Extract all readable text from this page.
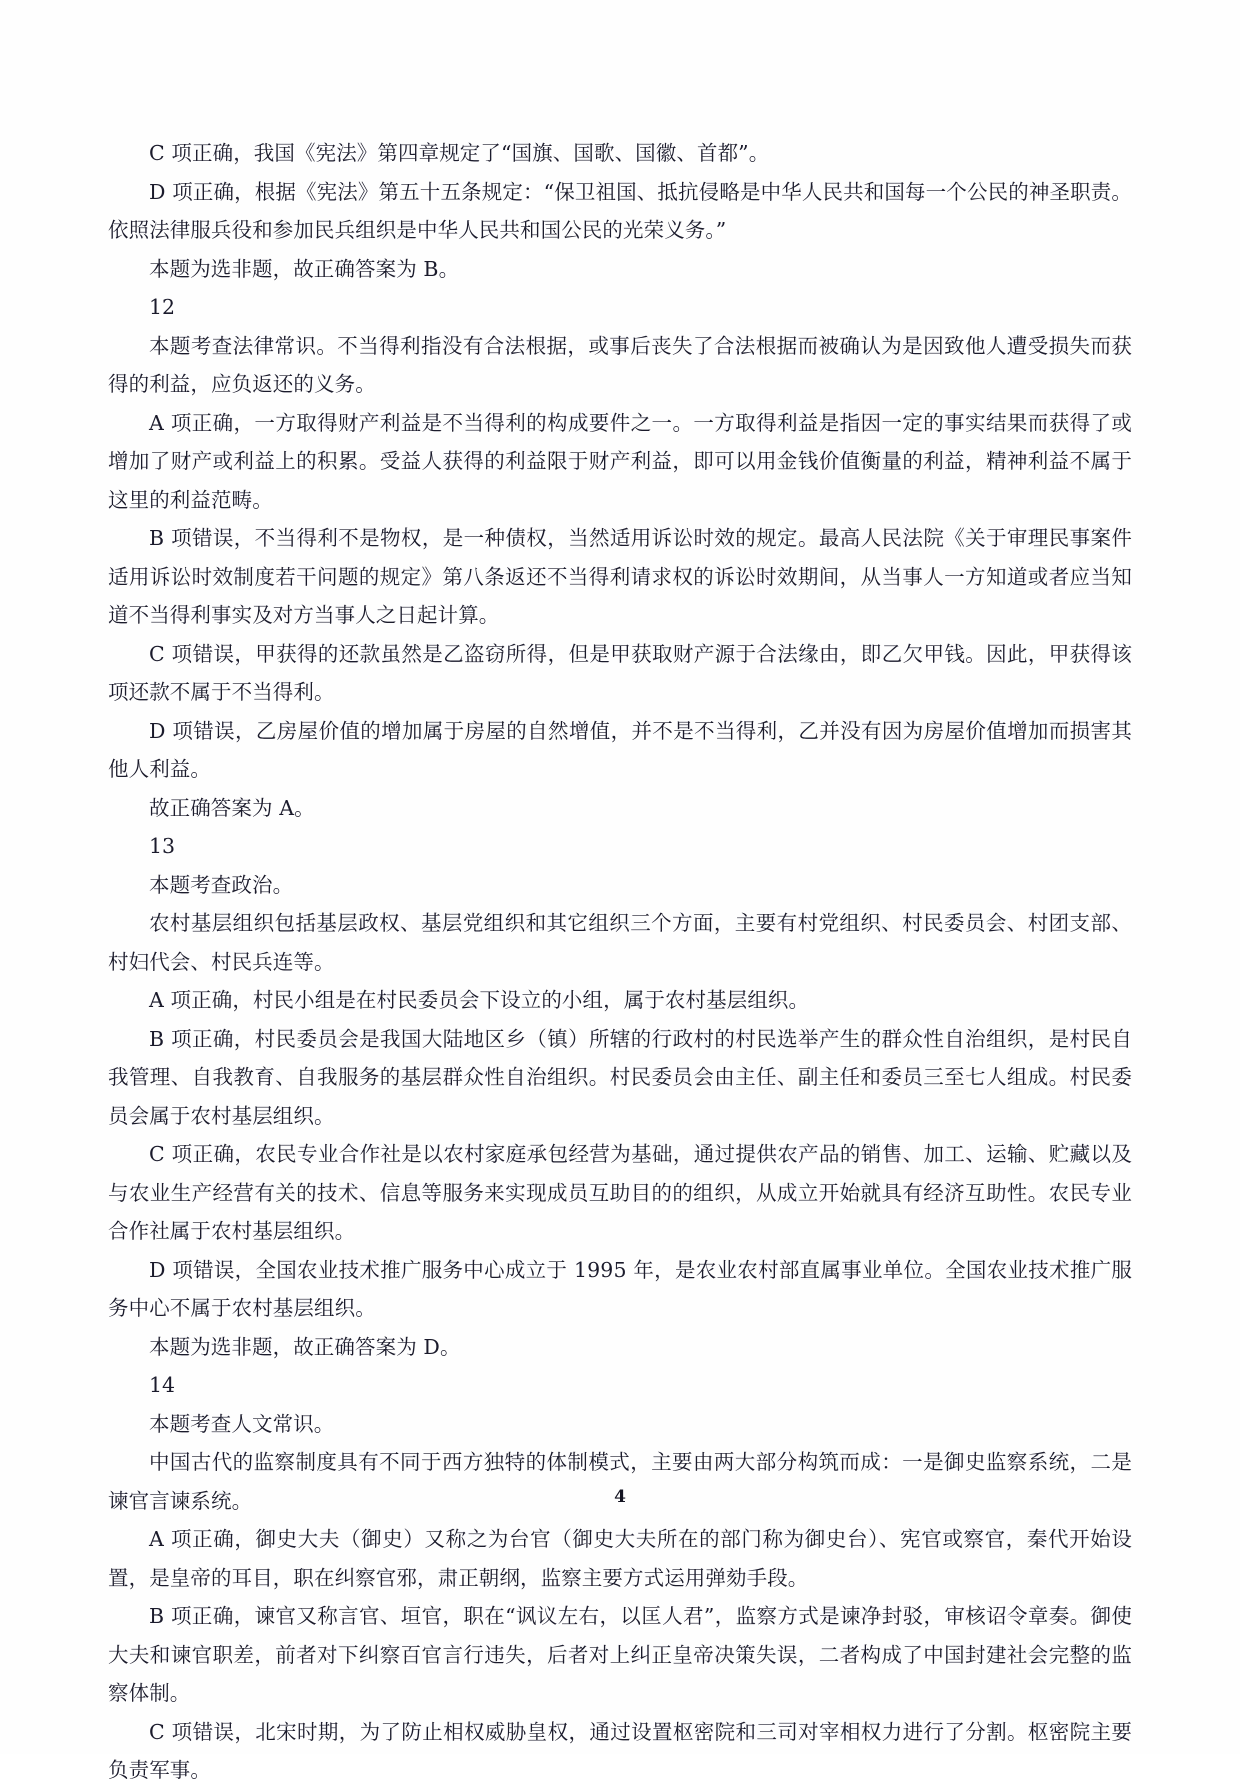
C 项正确，我国《宪法》第四章规定了“国旗、国歌、国徽、首都”。

D 项正确，根据《宪法》第五十五条规定：“保卫祖国、抵抗侵略是中华人民共和国每一个公民的神圣职责。依照法律服兵役和参加民兵组织是中华人民共和国公民的光荣义务。”

本题为选非题，故正确答案为 B。

12

本题考查法律常识。不当得利指没有合法根据，或事后丧失了合法根据而被确认为是因致他人遭受损失而获得的利益，应负返还的义务。

A 项正确，一方取得财产利益是不当得利的构成要件之一。一方取得利益是指因一定的事实结果而获得了或增加了财产或利益上的积累。受益人获得的利益限于财产利益，即可以用金钱价值衡量的利益，精神利益不属于这里的利益范畴。

B 项错误，不当得利不是物权，是一种债权，当然适用诉讼时效的规定。最高人民法院《关于审理民事案件适用诉讼时效制度若干问题的规定》第八条返还不当得利请求权的诉讼时效期间，从当事人一方知道或者应当知道不当得利事实及对方当事人之日起计算。

C 项错误，甲获得的还款虽然是乙盗窃所得，但是甲获取财产源于合法缘由，即乙欠甲钱。因此，甲获得该项还款不属于不当得利。

D 项错误，乙房屋价值的增加属于房屋的自然增值，并不是不当得利，乙并没有因为房屋价值增加而损害其他人利益。

故正确答案为 A。

13

本题考查政治。

农村基层组织包括基层政权、基层党组织和其它组织三个方面，主要有村党组织、村民委员会、村团支部、村妇代会、村民兵连等。

A 项正确，村民小组是在村民委员会下设立的小组，属于农村基层组织。

B 项正确，村民委员会是我国大陆地区乡（镇）所辖的行政村的村民选举产生的群众性自治组织，是村民自我管理、自我教育、自我服务的基层群众性自治组织。村民委员会由主任、副主任和委员三至七人组成。村民委员会属于农村基层组织。

C 项正确，农民专业合作社是以农村家庭承包经营为基础，通过提供农产品的销售、加工、运输、贮藏以及与农业生产经营有关的技术、信息等服务来实现成员互助目的的组织，从成立开始就具有经济互助性。农民专业合作社属于农村基层组织。

D 项错误，全国农业技术推广服务中心成立于 1995 年，是农业农村部直属事业单位。全国农业技术推广服务中心不属于农村基层组织。

本题为选非题，故正确答案为 D。

14

本题考查人文常识。

中国古代的监察制度具有不同于西方独特的体制模式，主要由两大部分构筑而成：一是御史监察系统，二是谏官言谏系统。

A 项正确，御史大夫（御史）又称之为台官（御史大夫所在的部门称为御史台）、宪官或察官，秦代开始设置，是皇帝的耳目，职在纠察官邪，肃正朝纲，监察主要方式运用弹劾手段。

B 项正确，谏官又称言官、垣官，职在“讽议左右，以匡人君”，监察方式是谏净封驳，审核诏令章奏。御使大夫和谏官职差，前者对下纠察百官言行违失，后者对上纠正皇帝决策失误，二者构成了中国封建社会完整的监察体制。

C 项错误，北宋时期，为了防止相权威胁皇权，通过设置枢密院和三司对宰相权力进行了分割。枢密院主要负责军事。

4
